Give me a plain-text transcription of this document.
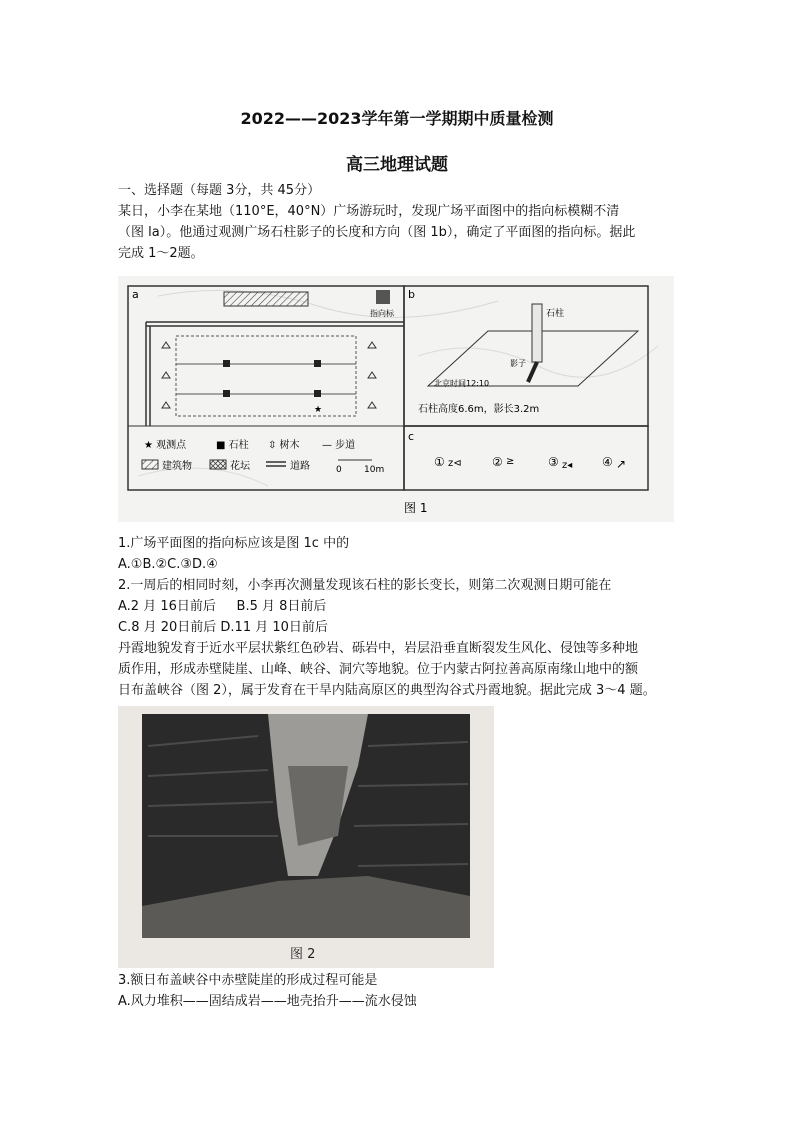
2022——2023学年第一学期期中质量检测
高三地理试题
一、选择题（每题 3分，共 45分）
某日，小李在某地（110°E，40°N）广场游玩时，发现广场平面图中的指向标模糊不清
（图 la）。他通过观测广场石柱影子的长度和方向（图 1b），确定了平面图的指向标。据此
完成 1～2题。
a
指向标
★
★ 观测点	■ 石柱 ⇳ 树木 — 步道
建筑物	花坛	道路	0 10m
b
石柱
影子
北京时间12:10
石柱高度6.6m，影长3.2m
c
① z⊲	② ≥	③ z◂ ④ ↗
图 1
1.广场平面图的指向标应该是图 1c 中的
A.①B.②C.③D.④
2.一周后的相同时刻，小李再次测量发现该石柱的影长变长，则第二次观测日期可能在
A.2 月 16日前后     B.5 月 8日前后
C.8 月 20日前后 D.11 月 10日前后
丹霞地貌发育于近水平层状紫红色砂岩、砾岩中，岩层沿垂直断裂发生风化、侵蚀等多种地
质作用，形成赤壁陡崖、山峰、峡谷、洞穴等地貌。位于内蒙古阿拉善高原南缘山地中的额
日布盖峡谷（图 2），属于发育在干旱内陆高原区的典型沟谷式丹霞地貌。据此完成 3～4 题。
图 2
3.额日布盖峡谷中赤壁陡崖的形成过程可能是
A.风力堆积——固结成岩——地壳抬升——流水侵蚀
